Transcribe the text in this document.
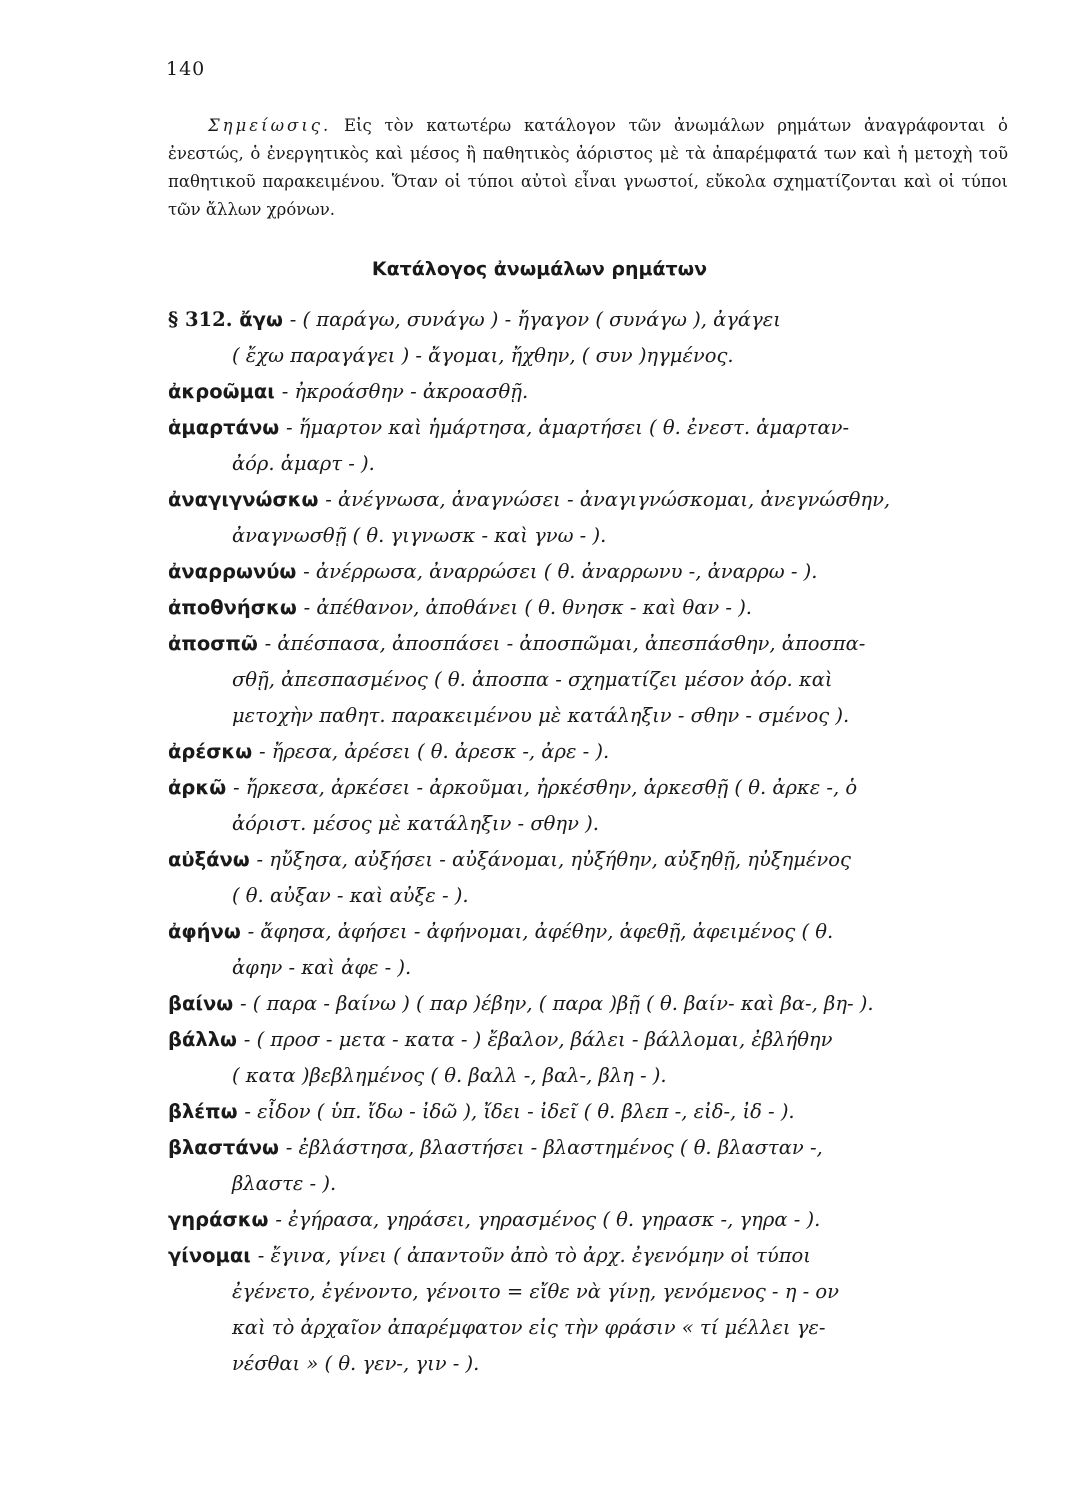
140

Σημείωσις. Εἰς τὸν κατωτέρω κατάλογον τῶν ἀνωμάλων ρημάτων ἀναγράφονται ὁ ἐνεστώς, ὁ ἐνεργητικὸς καὶ μέσος ἢ παθητικὸς ἀόριστος μὲ τὰ ἀπαρέμφατά των καὶ ἡ μετοχὴ τοῦ παθητικοῦ παρακειμένου. Ὅταν οἱ τύποι αὐτοὶ εἶναι γνωστοί, εὔκολα σχηματίζονται καὶ οἱ τύποι τῶν ἄλλων χρόνων.

Κατάλογος ἀνωμάλων ρημάτων
§ 312. ἄγω - ( παράγω, συνάγω ) - ἤγαγον ( συνάγω ), ἀγάγει
( ἔχω παραγάγει ) - ἄγομαι, ἤχθην, ( συν )ηγμένος.
ἀκροῶμαι - ἠκροάσθην - ἀκροασθῇ.
ἁμαρτάνω - ἥμαρτον καὶ ἡμάρτησα, ἁμαρτήσει ( θ. ἐνεστ. ἁμαρταν-
ἀόρ. ἁμαρτ - ).
ἀναγιγνώσκω - ἀνέγνωσα, ἀναγνώσει - ἀναγιγνώσκομαι, ἀνεγνώσθην,
ἀναγνωσθῇ ( θ. γιγνωσκ - καὶ γνω - ).
ἀναρρωνύω - ἀνέρρωσα, ἀναρρώσει ( θ. ἀναρρωνυ -, ἀναρρω - ).
ἀποθνήσκω - ἀπέθανον, ἀποθάνει ( θ. θνησκ - καὶ θαν - ).
ἀποσπῶ - ἀπέσπασα, ἀποσπάσει - ἀποσπῶμαι, ἀπεσπάσθην, ἀποσπα-
σθῇ, ἀπεσπασμένος ( θ. ἀποσπα - σχηματίζει μέσον ἀόρ. καὶ
μετοχὴν παθητ. παρακειμένου μὲ κατάληξιν - σθην - σμένος ).
ἀρέσκω - ἤρεσα, ἀρέσει ( θ. ἀρεσκ -, ἀρε - ).
ἀρκῶ - ἤρκεσα, ἀρκέσει - ἀρκοῦμαι, ἠρκέσθην, ἀρκεσθῇ ( θ. ἀρκε -, ὁ
ἀόριστ. μέσος μὲ κατάληξιν - σθην ).
αὐξάνω - ηὔξησα, αὐξήσει - αὐξάνομαι, ηὐξήθην, αὐξηθῇ, ηὐξημένος
( θ. αὐξαν - καὶ αὐξε - ).
ἀφήνω - ἄφησα, ἀφήσει - ἀφήνομαι, ἀφέθην, ἀφεθῇ, ἀφειμένος ( θ.
ἀφην - καὶ ἀφε - ).
βαίνω - ( παρα - βαίνω ) ( παρ )έβην, ( παρα )βῇ ( θ. βαίν- καὶ βα-, βη- ).
βάλλω - ( προσ - μετα - κατα - ) ἔβαλον, βάλει - βάλλομαι, ἐβλήθην
( κατα )βεβλημένος ( θ. βαλλ -, βαλ-, βλη - ).
βλέπω - εἶδον ( ὑπ. ἴδω - ἰδῶ ), ἴδει - ἰδεῖ ( θ. βλεπ -, εἰδ-, ἰδ - ).
βλαστάνω - ἐβλάστησα, βλαστήσει - βλαστημένος ( θ. βλασταν -,
βλαστε - ).
γηράσκω - ἐγήρασα, γηράσει, γηρασμένος ( θ. γηρασκ -, γηρα - ).
γίνομαι - ἔγινα, γίνει ( ἀπαντοῦν ἀπὸ τὸ ἀρχ. ἐγενόμην οἱ τύποι
ἐγένετο, ἐγένοντο, γένοιτο = εἴθε νὰ γίνῃ, γενόμενος - η - ον
καὶ τὸ ἀρχαῖον ἀπαρέμφατον εἰς τὴν φράσιν « τί μέλλει γε-
νέσθαι » ( θ. γεν-, γιν - ).
